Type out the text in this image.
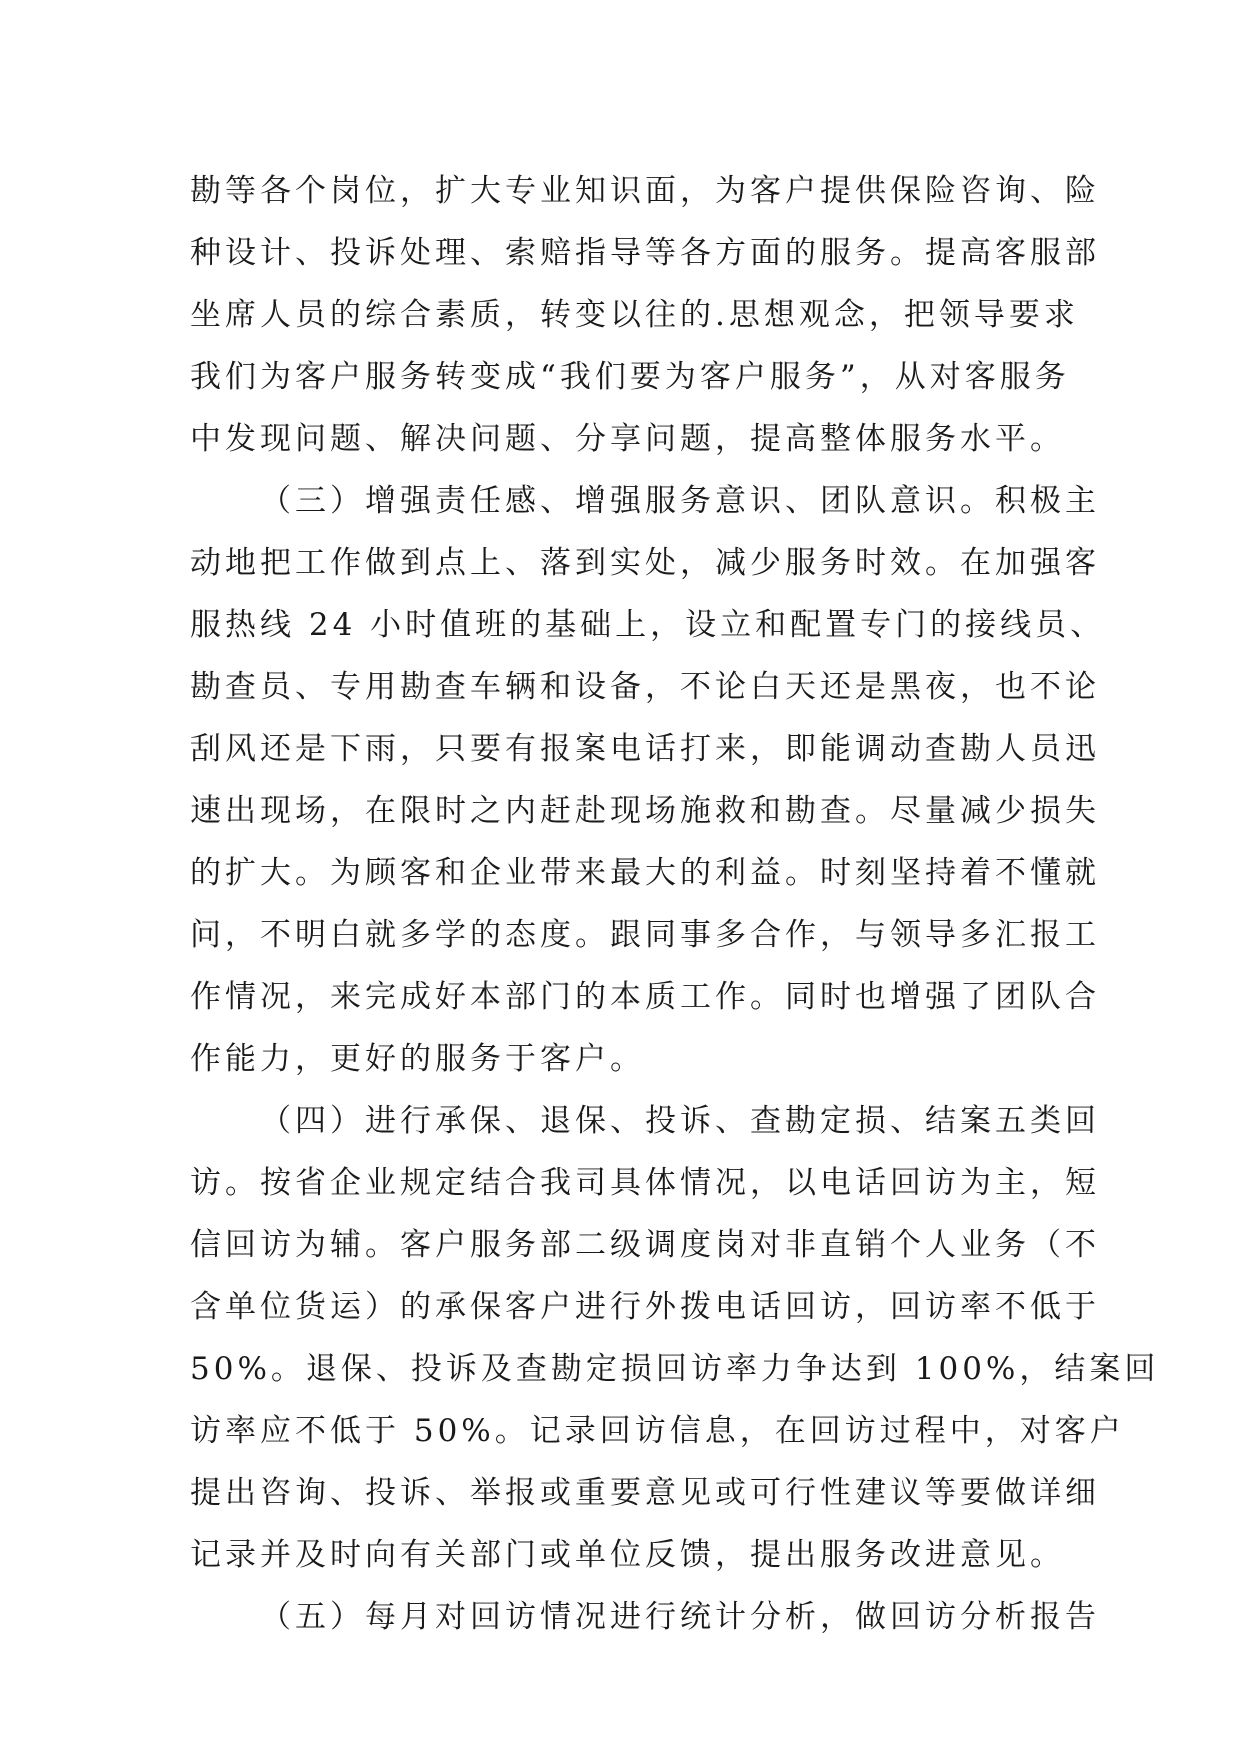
勘等各个岗位，扩大专业知识面，为客户提供保险咨询、险
种设计、投诉处理、索赔指导等各方面的服务。提高客服部
坐席人员的综合素质，转变以往的.思想观念，把领导要求
我们为客户服务转变成“我们要为客户服务”，从对客服务
中发现问题、解决问题、分享问题，提高整体服务水平。
（三）增强责任感、增强服务意识、团队意识。积极主
动地把工作做到点上、落到实处，减少服务时效。在加强客
服热线 24 小时值班的基础上，设立和配置专门的接线员、
勘查员、专用勘查车辆和设备，不论白天还是黑夜，也不论
刮风还是下雨，只要有报案电话打来，即能调动查勘人员迅
速出现场，在限时之内赶赴现场施救和勘查。尽量减少损失
的扩大。为顾客和企业带来最大的利益。时刻坚持着不懂就
问，不明白就多学的态度。跟同事多合作，与领导多汇报工
作情况，来完成好本部门的本质工作。同时也增强了团队合
作能力，更好的服务于客户。
（四）进行承保、退保、投诉、查勘定损、结案五类回
访。按省企业规定结合我司具体情况，以电话回访为主，短
信回访为辅。客户服务部二级调度岗对非直销个人业务（不
含单位货运）的承保客户进行外拨电话回访，回访率不低于
50%。退保、投诉及查勘定损回访率力争达到 100%，结案回
访率应不低于 50%。记录回访信息，在回访过程中，对客户
提出咨询、投诉、举报或重要意见或可行性建议等要做详细
记录并及时向有关部门或单位反馈，提出服务改进意见。
（五）每月对回访情况进行统计分析，做回访分析报告
